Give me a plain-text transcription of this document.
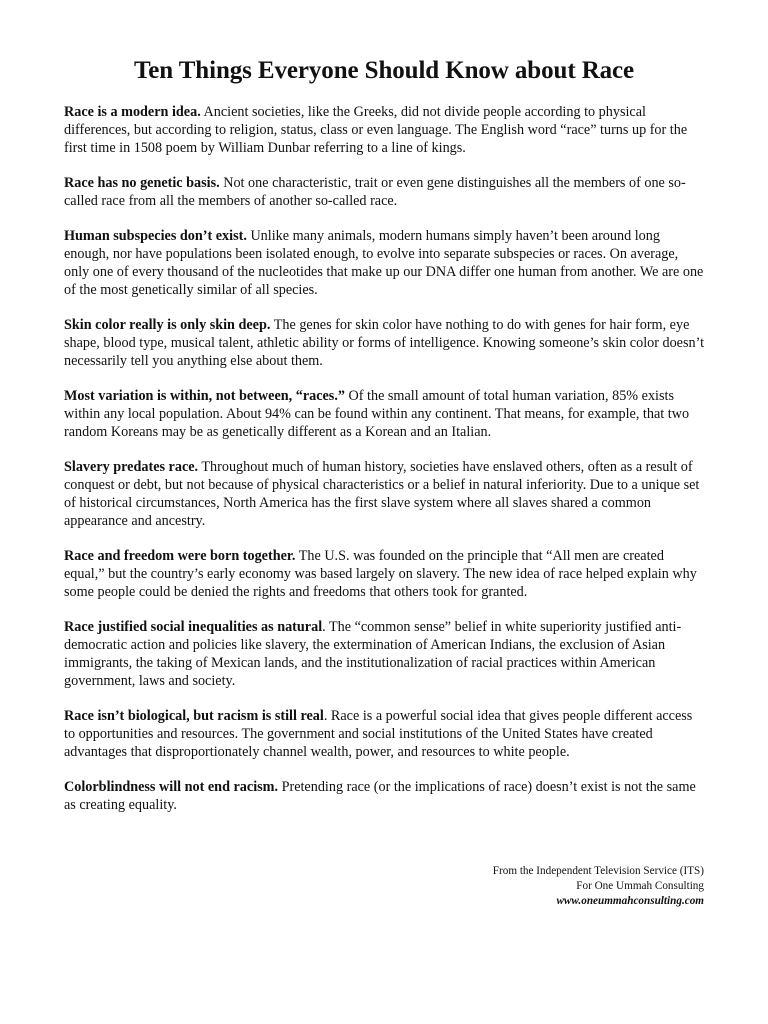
Ten Things Everyone Should Know about Race

Race is a modern idea. Ancient societies, like the Greeks, did not divide people according to physical differences, but according to religion, status, class or even language. The English word “race” turns up for the first time in 1508 poem by William Dunbar referring to a line of kings.

Race has no genetic basis. Not one characteristic, trait or even gene distinguishes all the members of one so-called race from all the members of another so-called race.

Human subspecies don’t exist. Unlike many animals, modern humans simply haven’t been around long enough, nor have populations been isolated enough, to evolve into separate subspecies or races. On average, only one of every thousand of the nucleotides that make up our DNA differ one human from another. We are one of the most genetically similar of all species.

Skin color really is only skin deep. The genes for skin color have nothing to do with genes for hair form, eye shape, blood type, musical talent, athletic ability or forms of intelligence. Knowing someone’s skin color doesn’t necessarily tell you anything else about them.

Most variation is within, not between, “races.” Of the small amount of total human variation, 85% exists within any local population. About 94% can be found within any continent. That means, for example, that two random Koreans may be as genetically different as a Korean and an Italian.

Slavery predates race. Throughout much of human history, societies have enslaved others, often as a result of conquest or debt, but not because of physical characteristics or a belief in natural inferiority. Due to a unique set of historical circumstances, North America has the first slave system where all slaves shared a common appearance and ancestry.

Race and freedom were born together. The U.S. was founded on the principle that “All men are created equal,” but the country’s early economy was based largely on slavery. The new idea of race helped explain why some people could be denied the rights and freedoms that others took for granted.

Race justified social inequalities as natural. The “common sense” belief in white superiority justified anti-democratic action and policies like slavery, the extermination of American Indians, the exclusion of Asian immigrants, the taking of Mexican lands, and the institutionalization of racial practices within American government, laws and society.

Race isn’t biological, but racism is still real. Race is a powerful social idea that gives people different access to opportunities and resources. The government and social institutions of the United States have created advantages that disproportionately channel wealth, power, and resources to white people.

Colorblindness will not end racism. Pretending race (or the implications of race) doesn’t exist is not the same as creating equality.

From the Independent Television Service (ITS)
For One Ummah Consulting
www.oneummahconsulting.com
